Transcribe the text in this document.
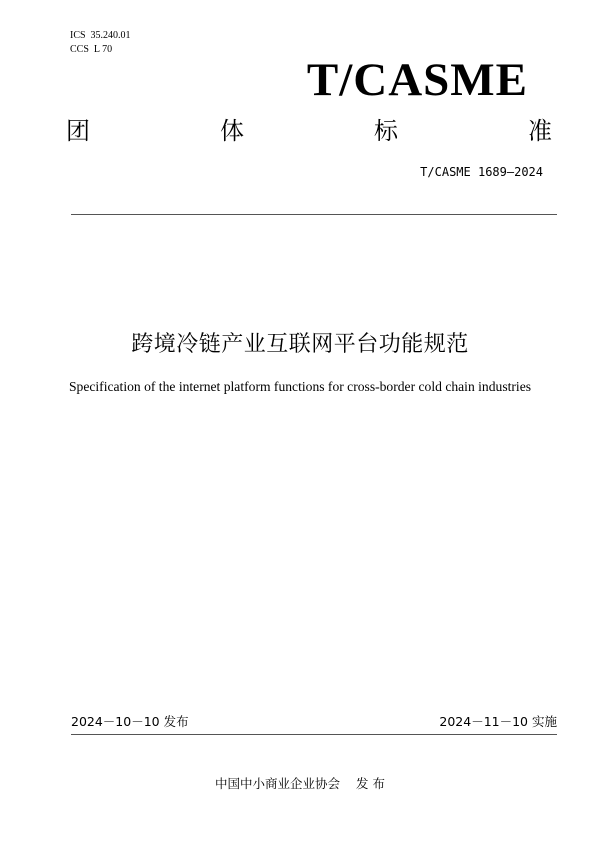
ICS  35.240.01
CCS  L 70
T/CASME
团	体	标	准
T/CASME 1689—2024
跨境冷链产业互联网平台功能规范
Specification of the internet platform functions for cross-border cold chain industries
2024－10－10 发布	2024－11－10 实施
中国中小商业企业协会 发 布
